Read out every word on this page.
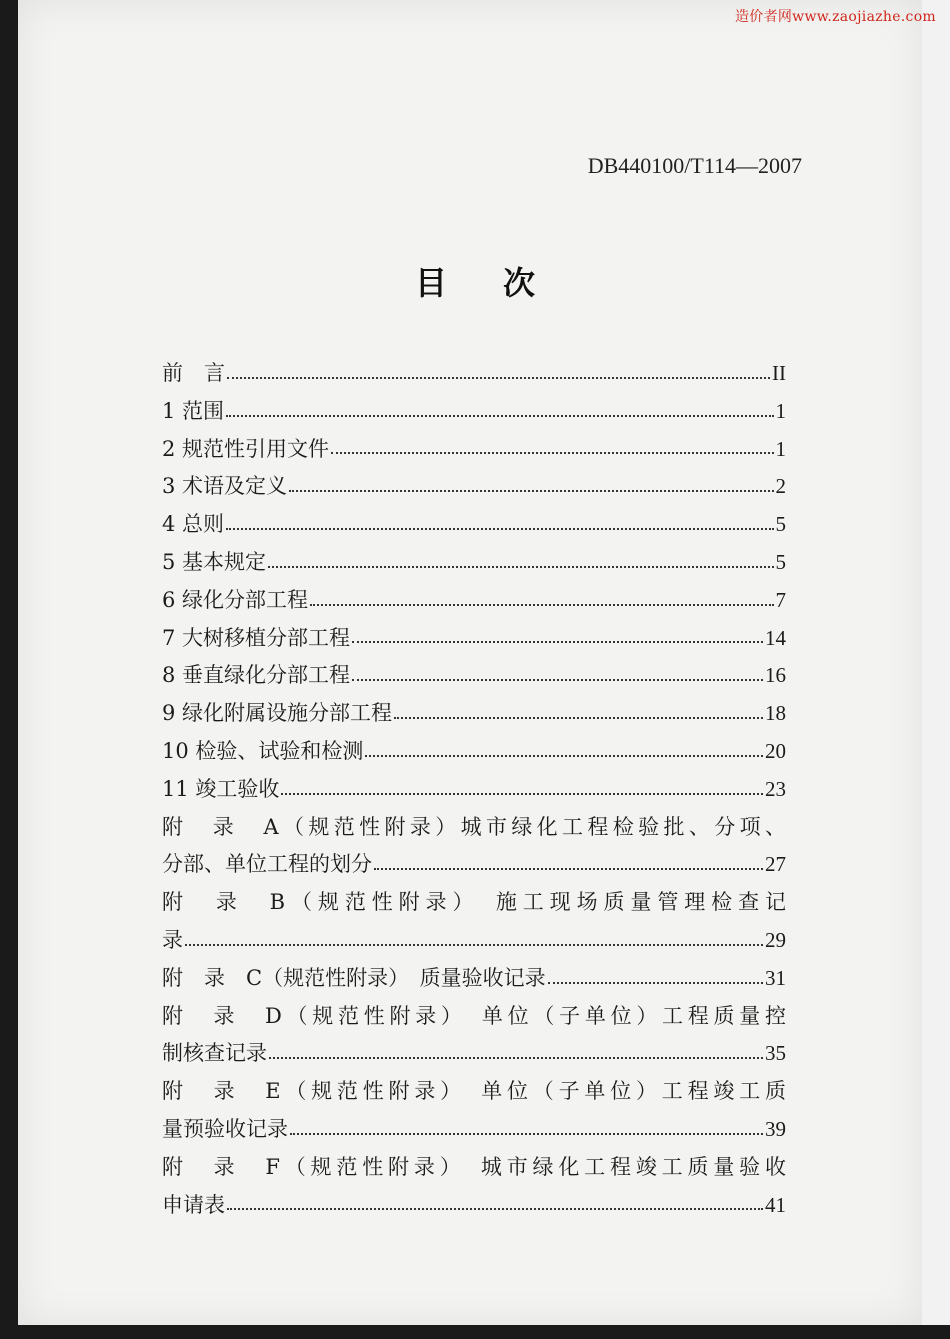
造价者网www.zaojiazhe.com
DB440100/T114—2007
目次
前　言	II
1 范围	1
2 规范性引用文件	1
3 术语及定义	2
4 总则	5
5 基本规定	5
6 绿化分部工程	7
7 大树移植分部工程	14
8 垂直绿化分部工程	16
9 绿化附属设施分部工程	18
10 检验、试验和检测	20
11 竣工验收	23
附　录　A（规范性附录）城市绿化工程检验批、分项、
分部、单位工程的划分	27
附　录　B（规范性附录）　施工现场质量管理检查记
录	29
附　录　C（规范性附录）　质量验收记录	31
附　录　D（规范性附录）　单位（子单位）工程质量控
制核查记录	35
附　录　E（规范性附录）　单位（子单位）工程竣工质
量预验收记录	39
附　录　F（规范性附录）　城市绿化工程竣工质量验收
申请表	41
